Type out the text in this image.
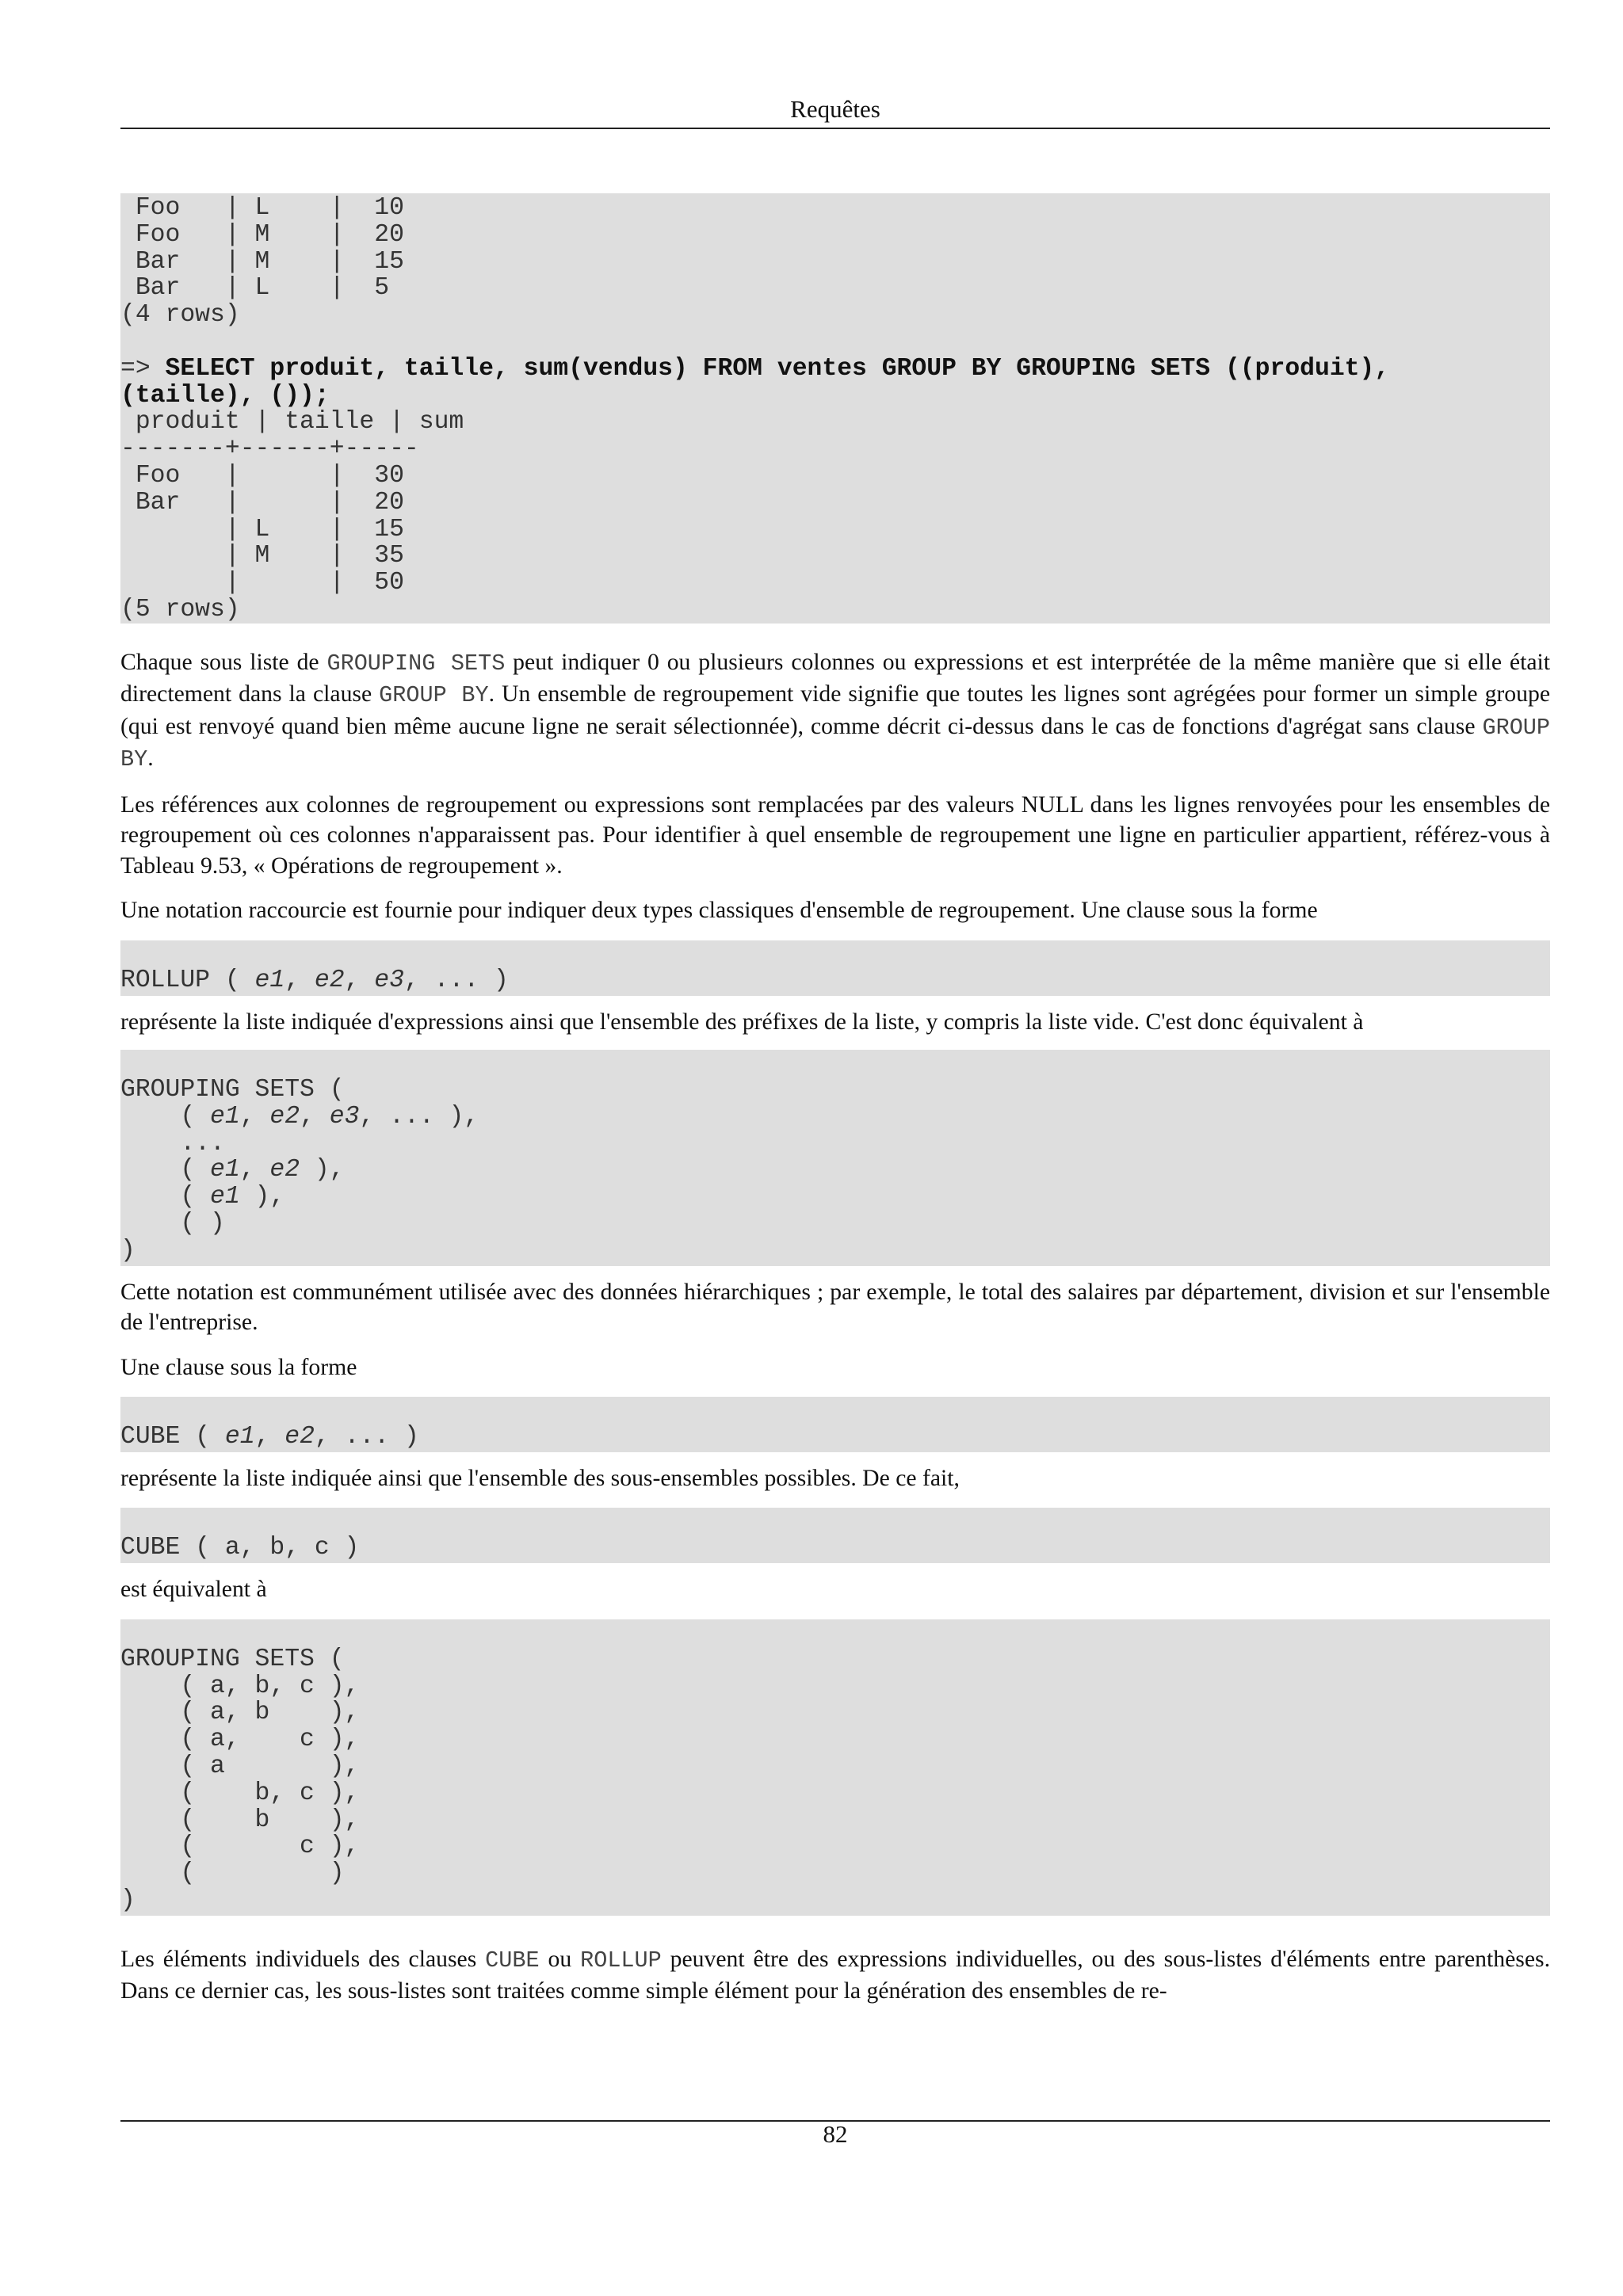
Requêtes
Foo   | L    |  10
Foo   | M    |  20
Bar   | M    |  15
Bar   | L    |  5
(4 rows)

=> SELECT produit, taille, sum(vendus) FROM ventes GROUP BY GROUPING SETS ((produit),
(taille), ());
produit | taille | sum
-------+------+-----
Foo   |      |  30
Bar   |      |  20
| L    |  15
| M    |  35
|      |  50
(5 rows)

Chaque sous liste de GROUPING SETS peut indiquer 0 ou plusieurs colonnes ou expressions et est interprétée de la même manière que si elle était directement dans la clause GROUP BY. Un ensemble de regroupement vide signifie que toutes les lignes sont agrégées pour former un simple groupe (qui est renvoyé quand bien même aucune ligne ne serait sélectionnée), comme décrit ci-dessus dans le cas de fonctions d'agrégat sans clause GROUP BY.

Les références aux colonnes de regroupement ou expressions sont remplacées par des valeurs NULL dans les lignes renvoyées pour les ensembles de regroupement où ces colonnes n'apparaissent pas. Pour identifier à quel ensemble de regroupement une ligne en particulier appartient, référez-vous à Tableau 9.53, « Opérations de regroupement ».

Une notation raccourcie est fournie pour indiquer deux types classiques d'ensemble de regroupement. Une clause sous la forme

ROLLUP ( e1, e2, e3, ... )

représente la liste indiquée d'expressions ainsi que l'ensemble des préfixes de la liste, y compris la liste vide. C'est donc équivalent à

GROUPING SETS (
( e1, e2, e3, ... ),
...
( e1, e2 ),
( e1 ),
( )
)

Cette notation est communément utilisée avec des données hiérarchiques ; par exemple, le total des salaires par département, division et sur l'ensemble de l'entreprise.

Une clause sous la forme

CUBE ( e1, e2, ... )

représente la liste indiquée ainsi que l'ensemble des sous-ensembles possibles. De ce fait,

CUBE ( a, b, c )

est équivalent à

GROUPING SETS (
( a, b, c ),
( a, b    ),
( a,    c ),
( a       ),
(    b, c ),
(    b    ),
(       c ),
(         )
)

Les éléments individuels des clauses CUBE ou ROLLUP peuvent être des expressions individuelles, ou des sous-listes d'éléments entre parenthèses. Dans ce dernier cas, les sous-listes sont traitées comme simple élément pour la génération des ensembles de re-

82
